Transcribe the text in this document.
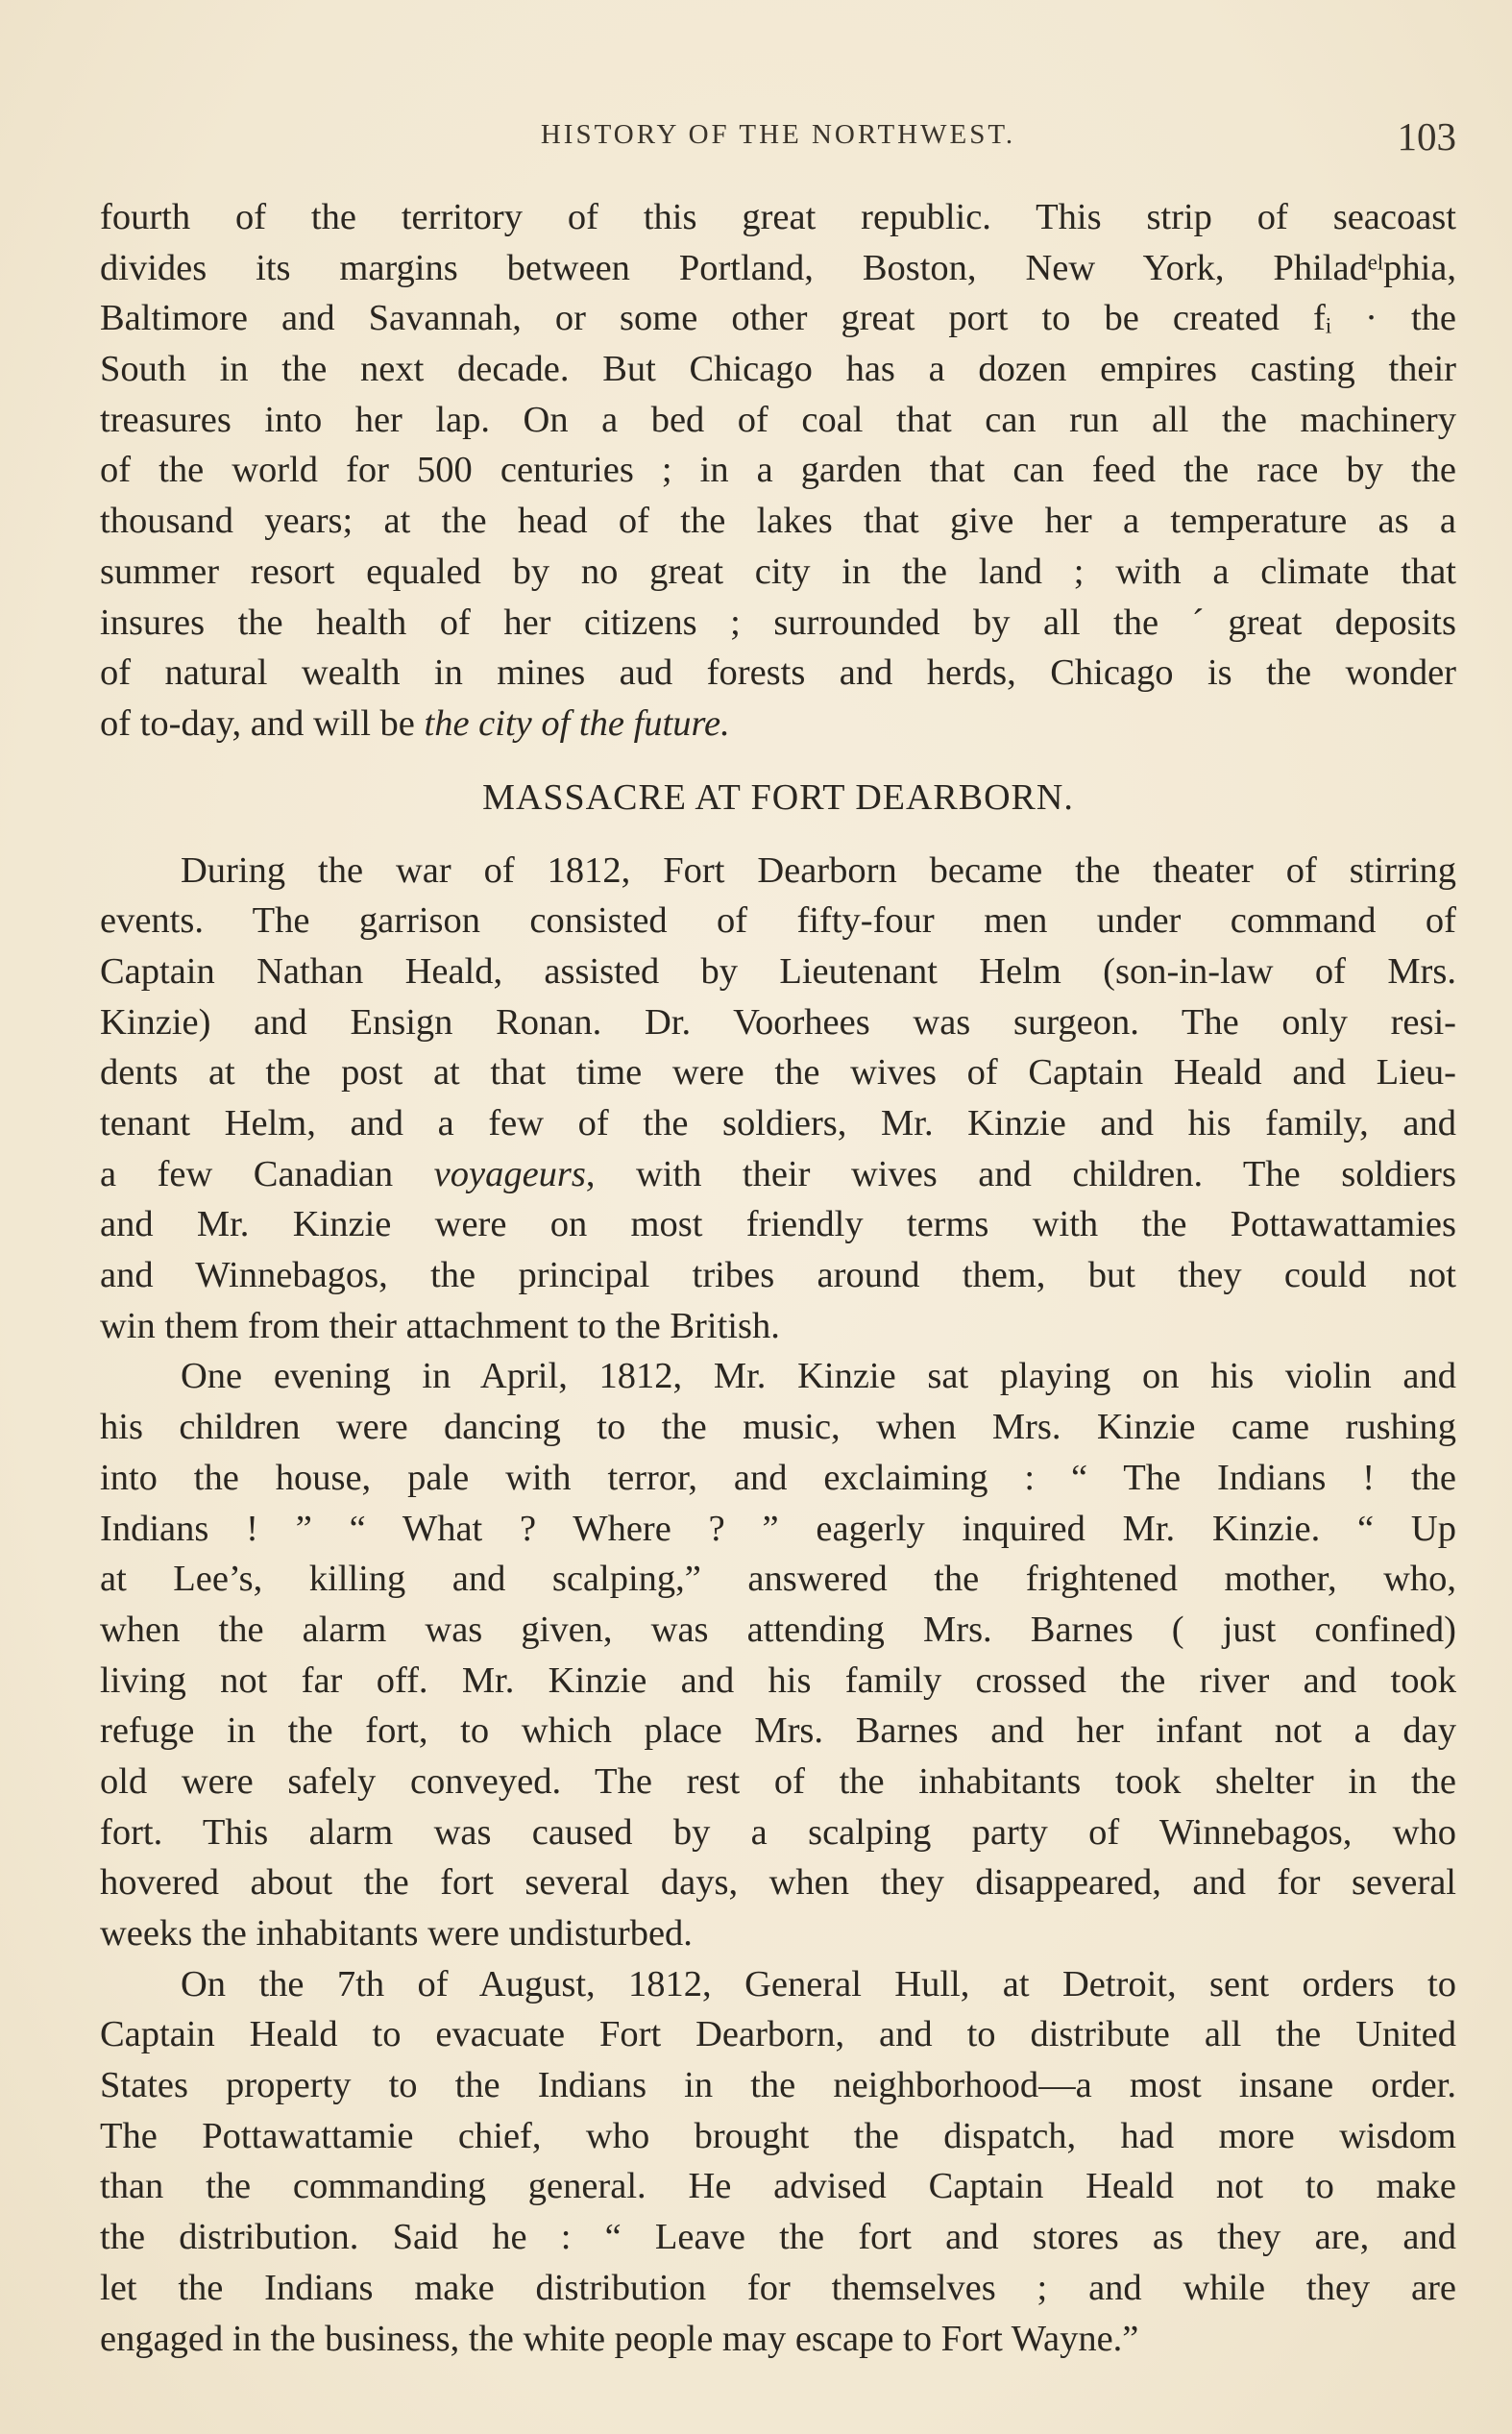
HISTORY OF THE NORTHWEST.	103
fourth of the territory of this great republic. This strip of seacoast
divides its margins between Portland, Boston, New York, Philadᵉˡphia,
Baltimore and Savannah, or some other great port to be created fᵢ · the
South in the next decade. But Chicago has a dozen empires casting their
treasures into her lap. On a bed of coal that can run all the machinery
of the world for 500 centuries ; in a garden that can feed the race by the
thousand years; at the head of the lakes that give her a temperature as a
summer resort equaled by no great city in the land ; with a climate that
insures the health of her citizens ; surrounded by all the ˊgreat deposits
of natural wealth in mines aud forests and herds, Chicago is the wonder
of to-day, and will be the city of the future.
MASSACRE AT FORT DEARBORN.
During the war of 1812, Fort Dearborn became the theater of stirring
events. The garrison consisted of fifty-four men under command of
Captain Nathan Heald, assisted by Lieutenant Helm (son-in-law of Mrs.
Kinzie) and Ensign Ronan. Dr. Voorhees was surgeon. The only resi-
dents at the post at that time were the wives of Captain Heald and Lieu-
tenant Helm, and a few of the soldiers, Mr. Kinzie and his family, and
a few Canadian voyageurs, with their wives and children. The soldiers
and Mr. Kinzie were on most friendly terms with the Pottawattamies
and Winnebagos, the principal tribes around them, but they could not
win them from their attachment to the British.
One evening in April, 1812, Mr. Kinzie sat playing on his violin and
his children were dancing to the music, when Mrs. Kinzie came rushing
into the house, pale with terror, and exclaiming : “ The Indians ! the
Indians ! ” “ What ? Where ? ” eagerly inquired Mr. Kinzie. “ Up
at Lee’s, killing and scalping,” answered the frightened mother, who,
when the alarm was given, was attending Mrs. Barnes ( just confined)
living not far off. Mr. Kinzie and his family crossed the river and took
refuge in the fort, to which place Mrs. Barnes and her infant not a day
old were safely conveyed. The rest of the inhabitants took shelter in the
fort. This alarm was caused by a scalping party of Winnebagos, who
hovered about the fort several days, when they disappeared, and for several
weeks the inhabitants were undisturbed.
On the 7th of August, 1812, General Hull, at Detroit, sent orders to
Captain Heald to evacuate Fort Dearborn, and to distribute all the United
States property to the Indians in the neighborhood—a most insane order.
The Pottawattamie chief, who brought the dispatch, had more wisdom
than the commanding general. He advised Captain Heald not to make
the distribution. Said he : “ Leave the fort and stores as they are, and
let the Indians make distribution for themselves ; and while they are
engaged in the business, the white people may escape to Fort Wayne.”
